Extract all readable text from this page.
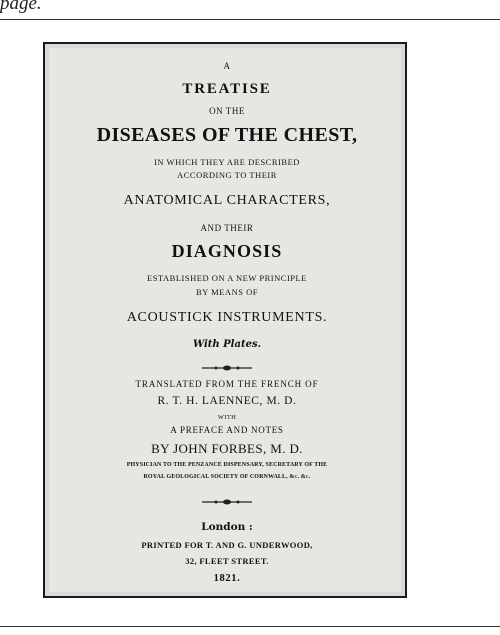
page.
A
TREATISE
ON THE
DISEASES OF THE CHEST,
IN WHICH THEY ARE DESCRIBED
ACCORDING TO THEIR
ANATOMICAL CHARACTERS,
AND THEIR
DIAGNOSIS
ESTABLISHED ON A NEW PRINCIPLE
BY MEANS OF
ACOUSTICK INSTRUMENTS.
With Plates.
TRANSLATED FROM THE FRENCH OF
R. T. H. LAENNEC, M. D.
WITH
A PREFACE AND NOTES
BY JOHN FORBES, M. D.
PHYSICIAN TO THE PENZANCE DISPENSARY, SECRETARY OF THE
ROYAL GEOLOGICAL SOCIETY OF CORNWALL, &c. &c.
London :
PRINTED FOR T. AND G. UNDERWOOD,
32, FLEET STREET.
1821.
